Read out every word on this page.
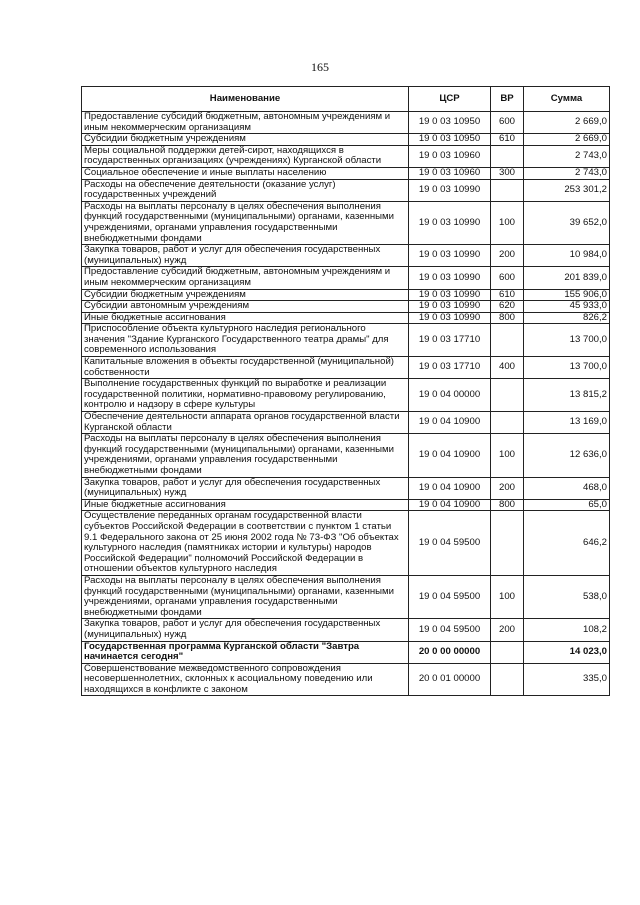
165
Наименование	ЦСР	ВР	Сумма
Предоставление субсидий бюджетным, автономным учреждениям и иным некоммерческим организациям	19 0 03 10950	600	2 669,0
Субсидии бюджетным учреждениям	19 0 03 10950	610	2 669,0
Меры социальной поддержки детей-сирот, находящихся в государственных организациях (учреждениях) Курганской области	19 0 03 10960		2 743,0
Социальное обеспечение и иные выплаты населению	19 0 03 10960	300	2 743,0
Расходы на обеспечение деятельности (оказание услуг) государственных учреждений	19 0 03 10990		253 301,2
Расходы на выплаты персоналу в целях обеспечения выполнения функций государственными (муниципальными) органами, казенными учреждениями, органами управления государственными внебюджетными фондами	19 0 03 10990	100	39 652,0
Закупка товаров, работ и услуг для обеспечения государственных (муниципальных) нужд	19 0 03 10990	200	10 984,0
Предоставление субсидий бюджетным, автономным учреждениям и иным некоммерческим организациям	19 0 03 10990	600	201 839,0
Субсидии бюджетным учреждениям	19 0 03 10990	610	155 906,0
Субсидии автономным учреждениям	19 0 03 10990	620	45 933,0
Иные бюджетные ассигнования	19 0 03 10990	800	826,2
Приспособление объекта культурного наследия регионального значения "Здание Курганского Государственного театра драмы" для современного использования	19 0 03 17710		13 700,0
Капитальные вложения в объекты государственной (муниципальной) собственности	19 0 03 17710	400	13 700,0
Выполнение государственных функций по выработке и реализации государственной политики, нормативно-правовому регулированию, контролю и надзору в сфере культуры	19 0 04 00000		13 815,2
Обеспечение деятельности аппарата органов государственной власти Курганской области	19 0 04 10900		13 169,0
Расходы на выплаты персоналу в целях обеспечения выполнения функций государственными (муниципальными) органами, казенными учреждениями, органами управления государственными внебюджетными фондами	19 0 04 10900	100	12 636,0
Закупка товаров, работ и услуг для обеспечения государственных (муниципальных) нужд	19 0 04 10900	200	468,0
Иные бюджетные ассигнования	19 0 04 10900	800	65,0
Осуществление переданных органам государственной власти субъектов Российской Федерации в соответствии с пунктом 1 статьи 9.1 Федерального закона от 25 июня 2002 года № 73-ФЗ "Об объектах культурного наследия (памятниках истории и культуры) народов Российской Федерации" полномочий Российской Федерации в отношении объектов культурного наследия	19 0 04 59500		646,2
Расходы на выплаты персоналу в целях обеспечения выполнения функций государственными (муниципальными) органами, казенными учреждениями, органами управления государственными внебюджетными фондами	19 0 04 59500	100	538,0
Закупка товаров, работ и услуг для обеспечения государственных (муниципальных) нужд	19 0 04 59500	200	108,2
Государственная программа Курганской области "Завтра начинается сегодня"	20 0 00 00000		14 023,0
Совершенствование межведомственного сопровождения несовершеннолетних, склонных к асоциальному поведению или находящихся в конфликте с законом	20 0 01 00000		335,0
